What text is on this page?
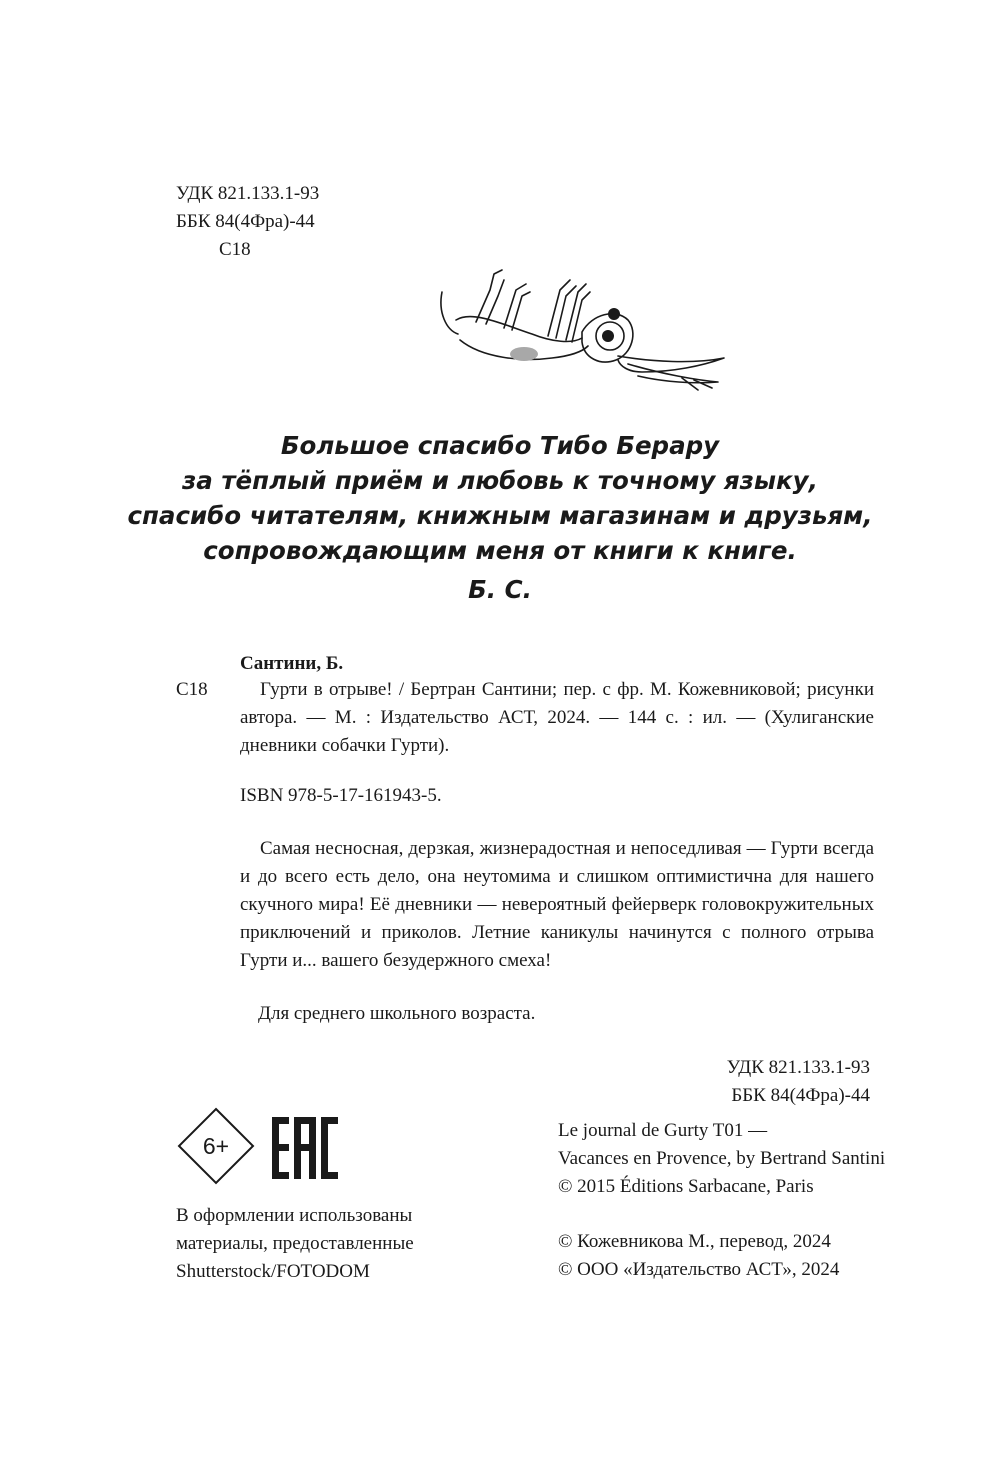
УДК 821.133.1-93
ББК 84(4Фра)-44
С18
Большое спасибо Тибо Берару
за тёплый приём и любовь к точному языку,
спасибо читателям, книжным магазинам и друзьям,
сопровождающим меня от книги к книге.
Б. С.
Сантини, Б.
С18	Гурти в отрыве! / Бертран Сантини; пер. с фр. М. Кожевниковой; рисунки автора. — М. : Издательство АСТ, 2024. — 144 с. : ил. — (Хулиганские дневники собачки Гурти).
ISBN 978-5-17-161943-5.
Самая несносная, дерзкая, жизнерадостная и непоседливая — Гурти всегда и до всего есть дело, она неутомима и слишком оптимистична для нашего скучного мира! Её дневники — невероятный фейерверк головокружительных приключений и приколов. Летние каникулы начинутся с полного отрыва Гурти и... вашего безудержного смеха!
Для среднего школьного возраста.
УДК 821.133.1-93
ББК 84(4Фра)-44
6+
В оформлении использованы
материалы, предоставленные
Shutterstock/FOTODOM
Le journal de Gurty T01 —
Vacances en Provence, by Bertrand Santini
© 2015 Éditions Sarbacane, Paris
© Кожевникова М., перевод, 2024
© ООО «Издательство АСТ», 2024
